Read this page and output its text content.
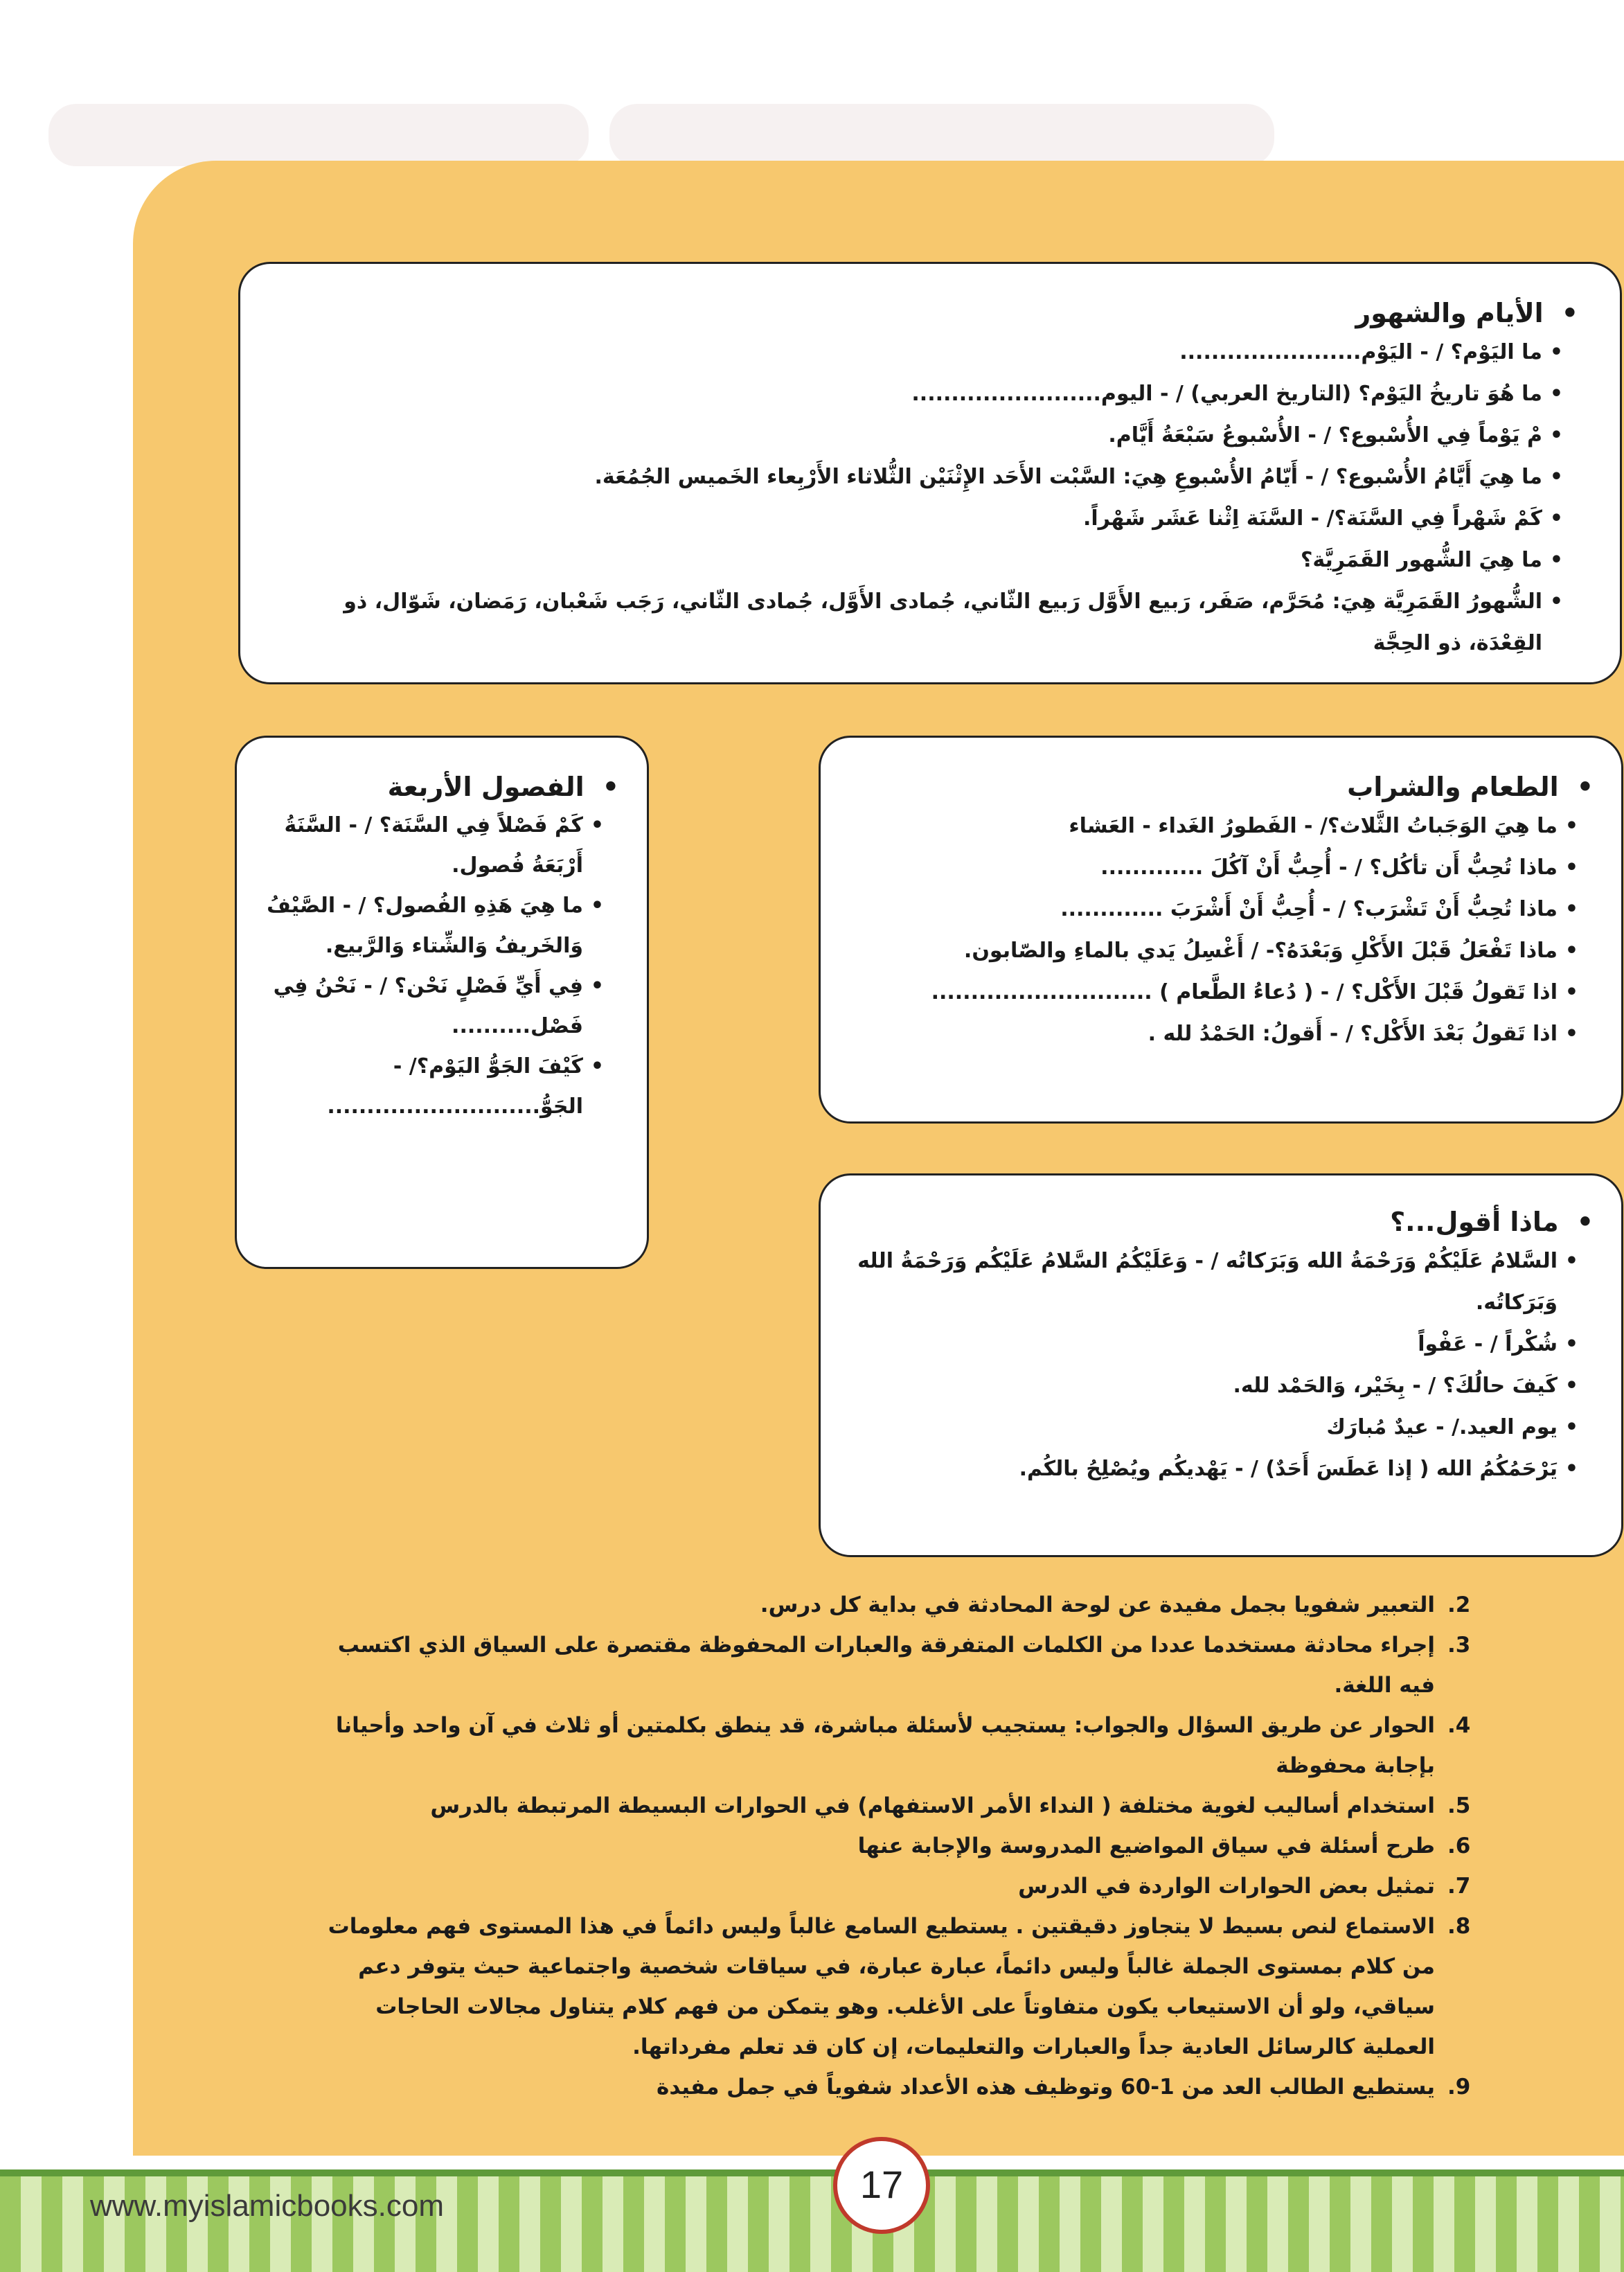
• الأيام والشهور
• ما اليَوْم؟ / - اليَوْم.......................
• ما هُوَ تاريخُ اليَوْم؟ (التاريخ العربي) / - اليوم........................
• مْ يَوْماً فِي الأُسْبوع؟ / - الأُسْبوعُ سَبْعَةُ أَيَّام.
• ما هِيَ أَيَّامُ الأُسْبوع؟ / - أَيّامُ الأُسْبوعِ هِيَ: السَّبْت الأَحَد الإِثْنَيْن الثُّلاثاء الأَرْبِعاء الخَميس الجُمُعَة.
• كَمْ شَهْراً فِي السَّنَة؟/ - السَّنَة اِثْنا عَشَر شَهْراً.
• ما هِيَ الشُّهور القَمَرِيَّة؟
• الشُّهورُ القَمَرِيَّة هِيَ: مُحَرَّم، صَفَر، رَبيع الأَوَّل رَبيع الثّاني، جُمادى الأَوَّل، جُمادى الثّاني، رَجَب شَعْبان، رَمَضان، شَوّال، ذو القِعْدَة، ذو الحِجَّة
• الطعام والشراب
• ما هِيَ الوَجَباتُ الثَّلاث؟/ - الفَطورُ الغَداء - العَشاء
• ماذا تُحِبُّ أَن تأكُل؟ / - أُحِبُّ أَنْ آكُلَ .............
• ماذا تُحِبُّ أَنْ تَشْرَب؟ / - أُحِبُّ أَنْ أَشْرَبَ .............
• ماذا تَفْعَلُ قَبْلَ الأَكْلِ وَبَعْدَهُ؟- / أَغْسِلُ يَدي بالماءِ والصّابون.
• اذا تَقولُ قَبْلَ الأَكْل؟ / - ( دُعاءُ الطَّعام ) ............................
• اذا تَقولُ بَعْدَ الأَكْل؟ / - أَقولُ: الحَمْدُ لله .
• الفصول الأربعة
• كَمْ فَصْلاً فِي السَّنَة؟ / - السَّنَةُ أَرْبَعَةُ فُصول.
• ما هِيَ هَذِهِ الفُصول؟ / - الصَّيْفُ وَالخَريفُ وَالشِّتاء وَالرَّبيع.
• فِي أَيِّ فَصْلٍ نَحْن؟ / - نَحْنُ فِي فَصْل..........
• كَيْفَ الجَوُّ اليَوْم؟/ - الجَوُّ...........................
• ماذا أقول...؟
• السَّلامُ عَلَيْكُمْ وَرَحْمَةُ الله وَبَرَكاتُه / - وَعَلَيْكُمُ السَّلامُ عَلَيْكُم وَرَحْمَةُ الله وَبَرَكاتُه.
• شُكْراً / - عَفْواً
• كَيفَ حالُكَ؟ / - بِخَيْر، وَالحَمْد لله.
• يوم العيد./ - عيدٌ مُبارَك
• يَرْحَمُكُمُ الله ( إذا عَطَسَ أَحَدٌ) / - يَهْديكُم ويُصْلِحُ بالكُم.
2.
التعبير شفويا بجمل مفيدة عن لوحة المحادثة في بداية كل درس.
3.
إجراء محادثة مستخدما عددا من الكلمات المتفرقة والعبارات المحفوظة مقتصرة على السياق الذي اكتسب فيه اللغة.
4.
الحوار عن طريق السؤال والجواب: يستجيب لأسئلة مباشرة، قد ينطق بكلمتين أو ثلاث في آن واحد وأحيانا بإجابة محفوظة
5.
استخدام أساليب لغوية مختلفة ( النداء الأمر الاستفهام) في الحوارات البسيطة المرتبطة بالدرس
6.
طرح أسئلة في سياق المواضيع المدروسة والإجابة عنها
7.
تمثيل بعض الحوارات الواردة في الدرس
8.
الاستماع لنص بسيط لا يتجاوز دقيقتين . يستطيع السامع غالباً وليس دائماً في هذا المستوى فهم معلومات من كلام بمستوى الجملة غالباً وليس دائماً، عبارة عبارة، في سياقات شخصية واجتماعية حيث يتوفر دعم سياقي، ولو أن الاستيعاب يكون متفاوتاً على الأغلب. وهو يتمكن من فهم كلام يتناول مجالات الحاجات العملية كالرسائل العادية جداً والعبارات والتعليمات، إن كان قد تعلم مفرداتها.
9.
يستطيع الطالب العد من 1-60 وتوظيف هذه الأعداد شفوياً في جمل مفيدة
www.myislamicbooks.com	17
